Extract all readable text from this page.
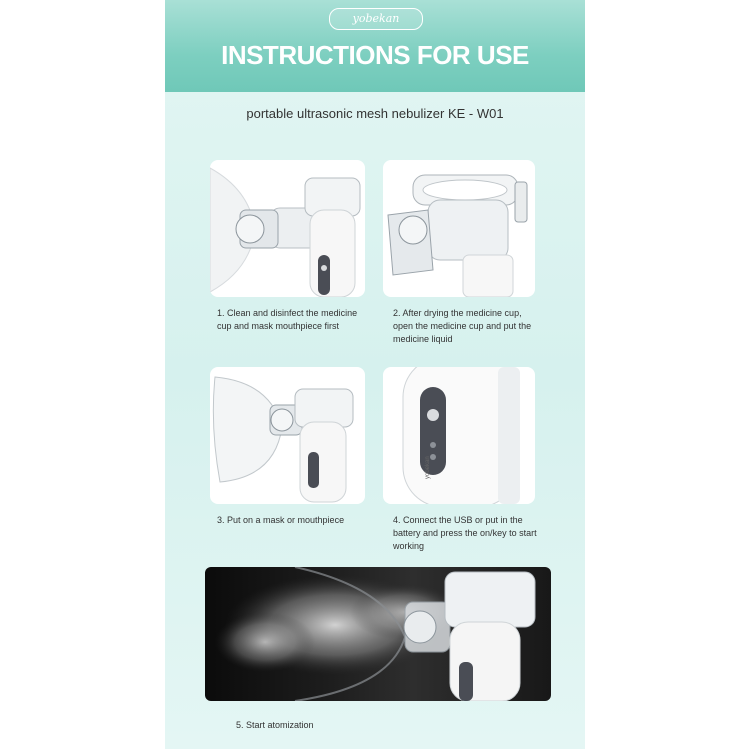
yobekan
INSTRUCTIONS FOR USE
portable ultrasonic mesh nebulizer KE - W01
1. Clean and disinfect the medicine cup and mask mouthpiece first
2. After drying the medicine cup, open the medicine cup and put the medicine liquid
3. Put on a mask or mouthpiece
yobekan
4. Connect the USB or put in the battery and press the on/key to start working
5. Start atomization
